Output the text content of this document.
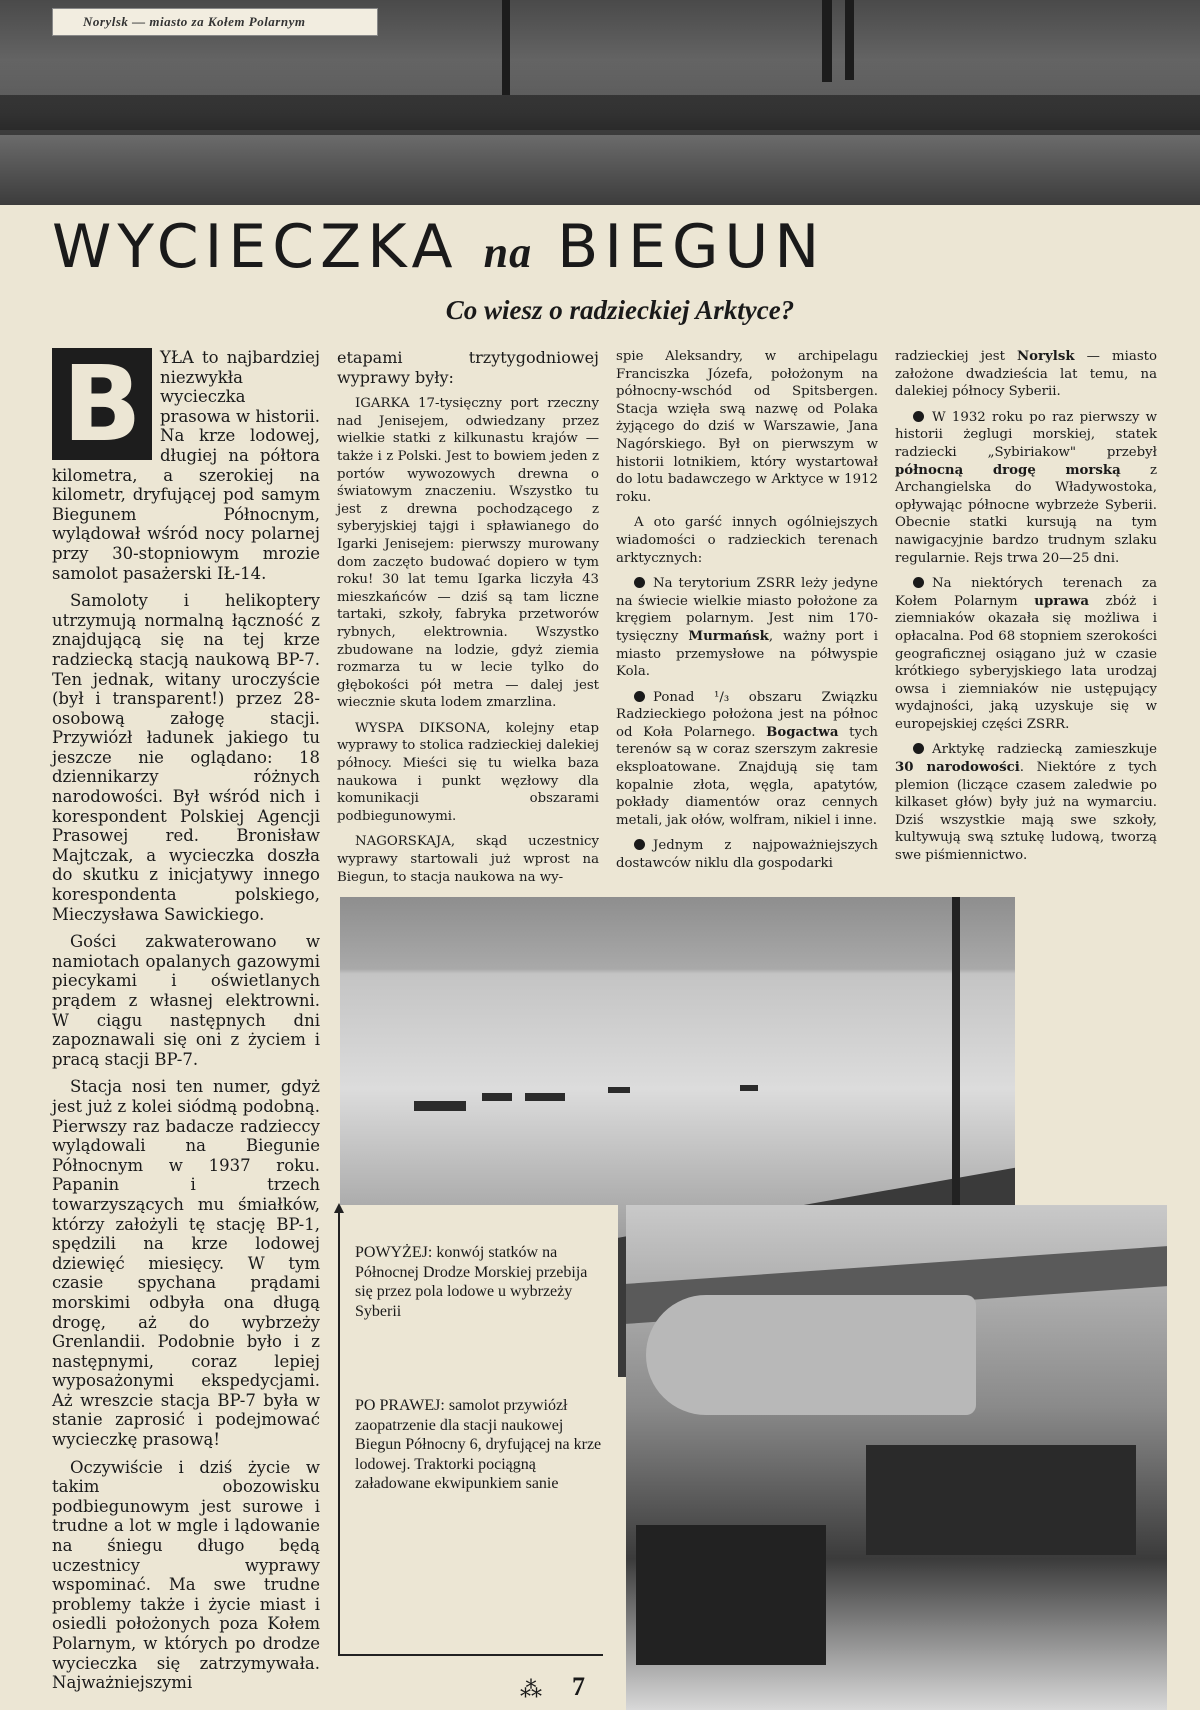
Norylsk — miasto za Kołem Polarnym
WYCIECZKA na BIEGUN
Co wiesz o radzieckiej Arktyce?

B	YŁA to najbardziej niezwykła wycieczka prasowa w historii. Na krze lodowej, długiej na półtora kilometra, a szerokiej na kilometr, dryfującej pod samym Biegunem Północnym, wylądował wśród nocy polarnej przy 30-stopniowym mrozie samolot pasażerski IŁ-14.

Samoloty i helikoptery utrzymują normalną łączność z znajdującą się na tej krze radziecką stacją naukową BP-7. Ten jednak, witany uroczyście (był i transparent!) przez 28-osobową załogę stacji. Przywiózł ładunek jakiego tu jeszcze nie oglądano: 18 dziennikarzy różnych narodowości. Był wśród nich i korespondent Polskiej Agencji Prasowej red. Bronisław Majtczak, a wycieczka doszła do skutku z inicjatywy innego korespondenta polskiego, Mieczysława Sawickiego.

Gości zakwaterowano w namiotach opalanych gazowymi piecykami i oświetlanych prądem z własnej elektrowni. W ciągu następnych dni zapoznawali się oni z życiem i pracą stacji BP-7.

Stacja nosi ten numer, gdyż jest już z kolei siódmą podobną. Pierwszy raz badacze radzieccy wylądowali na Biegunie Północnym w 1937 roku. Papanin i trzech towarzyszących mu śmiałków, którzy założyli tę stację BP-1, spędzili na krze lodowej dziewięć miesięcy. W tym czasie spychana prądami morskimi odbyła ona długą drogę, aż do wybrzeży Grenlandii. Podobnie było i z następnymi, coraz lepiej wyposażonymi ekspedycjami. Aż wreszcie stacja BP-7 była w stanie zaprosić i podejmować wycieczkę prasową!

Oczywiście i dziś życie w takim obozowisku podbiegunowym jest surowe i trudne a lot w mgle i lądowanie na śniegu długo będą uczestnicy wyprawy wspominać. Ma swe trudne problemy także i życie miast i osiedli położonych poza Kołem Polarnym, w których po drodze wycieczka się zatrzymywała. Najważniejszymi

etapami trzytygodniowej wyprawy były:

IGARKA 17-tysięczny port rzeczny nad Jenisejem, odwiedzany przez wielkie statki z kilkunastu krajów — także i z Polski. Jest to bowiem jeden z portów wywozowych drewna o światowym znaczeniu. Wszystko tu jest z drewna pochodzącego z syberyjskiej tajgi i spławianego do Igarki Jenisejem: pierwszy murowany dom zaczęto budować dopiero w tym roku! 30 lat temu Igarka liczyła 43 mieszkańców — dziś są tam liczne tartaki, szkoły, fabryka przetworów rybnych, elektrownia. Wszystko zbudowane na lodzie, gdyż ziemia rozmarza tu w lecie tylko do głębokości pół metra — dalej jest wiecznie skuta lodem zmarzlina.

WYSPA DIKSONA, kolejny etap wyprawy to stolica radzieckiej dalekiej północy. Mieści się tu wielka baza naukowa i punkt węzłowy dla komunikacji obszarami podbiegunowymi.

NAGORSKAJA, skąd uczestnicy wyprawy startowali już wprost na Biegun, to stacja naukowa na wy-

spie Aleksandry, w archipelagu Franciszka Józefa, położonym na północny-wschód od Spitsbergen. Stacja wzięła swą nazwę od Polaka żyjącego do dziś w Warszawie, Jana Nagórskiego. Był on pierwszym w historii lotnikiem, który wystartował do lotu badawczego w Arktyce w 1912 roku.

A oto garść innych ogólniejszych wiadomości o radzieckich terenach arktycznych:

Na terytorium ZSRR leży jedyne na świecie wielkie miasto położone za kręgiem polarnym. Jest nim 170-tysięczny Murmańsk, ważny port i miasto przemysłowe na półwyspie Kola.

Ponad ¹/₃ obszaru Związku Radzieckiego położona jest na północ od Koła Polarnego. Bogactwa tych terenów są w coraz szerszym zakresie eksploatowane. Znajdują się tam kopalnie złota, węgla, apatytów, pokłady diamentów oraz cennych metali, jak ołów, wolfram, nikiel i inne.

Jednym z najpoważniejszych dostawców niklu dla gospodarki

radzieckiej jest Norylsk — miasto założone dwadzieścia lat temu, na dalekiej północy Syberii.

W 1932 roku po raz pierwszy w historii żeglugi morskiej, statek radziecki „Sybiriakow" przebył północną drogę morską z Archangielska do Władywostoka, opływając północne wybrzeże Syberii. Obecnie statki kursują na tym nawigacyjnie bardzo trudnym szlaku regularnie. Rejs trwa 20—25 dni.

Na niektórych terenach za Kołem Polarnym uprawa zbóż i ziemniaków okazała się możliwa i opłacalna. Pod 68 stopniem szerokości geograficznej osiągano już w czasie krótkiego syberyjskiego lata urodzaj owsa i ziemniaków nie ustępujący wydajności, jaką uzyskuje się w europejskiej części ZSRR.

Arktykę radziecką zamieszkuje 30 narodowości. Niektóre z tych plemion (liczące czasem zaledwie po kilkaset głów) były już na wymarciu. Dziś wszystkie mają swe szkoły, kultywują swą sztukę ludową, tworzą swe piśmiennictwo.

POWYŻEJ: konwój statków na Północnej Drodze Morskiej przebija się przez pola lodowe u wybrzeży Syberii
PO PRAWEJ: samolot przywiózł zaopatrzenie dla stacji naukowej Biegun Północny 6, dryfującej na krze lodowej. Traktorki pociągną załadowane ekwipunkiem sanie
⁂ 7
